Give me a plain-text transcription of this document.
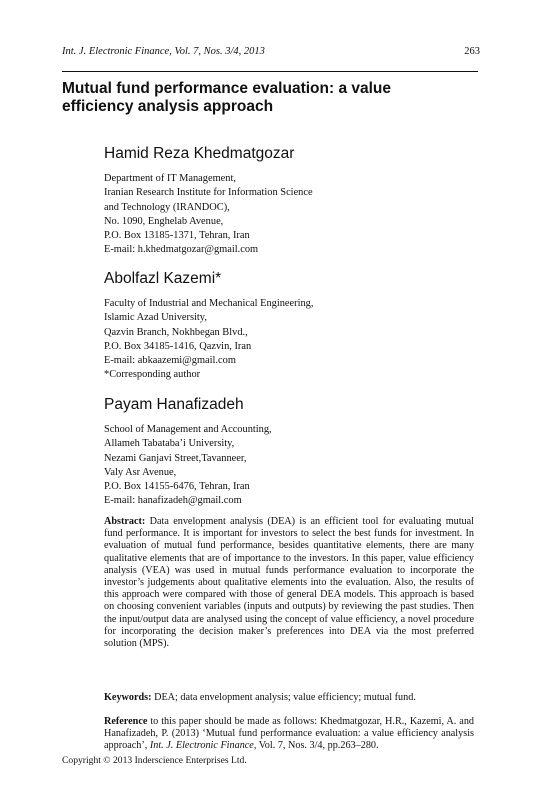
Int. J. Electronic Finance, Vol. 7, Nos. 3/4, 2013	263
Mutual fund performance evaluation: a value efficiency analysis approach
Hamid Reza Khedmatgozar
Department of IT Management,
Iranian Research Institute for Information Science
and Technology (IRANDOC),
No. 1090, Enghelab Avenue,
P.O. Box 13185-1371, Tehran, Iran
E-mail: h.khedmatgozar@gmail.com
Abolfazl Kazemi*
Faculty of Industrial and Mechanical Engineering,
Islamic Azad University,
Qazvin Branch, Nokhbegan Blvd.,
P.O. Box 34185-1416, Qazvin, Iran
E-mail: abkaazemi@gmail.com
*Corresponding author
Payam Hanafizadeh
School of Management and Accounting,
Allameh Tabataba’i University,
Nezami Ganjavi Street,Tavanneer,
Valy Asr Avenue,
P.O. Box 14155-6476, Tehran, Iran
E-mail: hanafizadeh@gmail.com
Abstract: Data envelopment analysis (DEA) is an efficient tool for evaluating mutual fund performance. It is important for investors to select the best funds for investment. In evaluation of mutual fund performance, besides quantitative elements, there are many qualitative elements that are of importance to the investors. In this paper, value efficiency analysis (VEA) was used in mutual funds performance evaluation to incorporate the investor’s judgements about qualitative elements into the evaluation. Also, the results of this approach were compared with those of general DEA models. This approach is based on choosing convenient variables (inputs and outputs) by reviewing the past studies. Then the input/output data are analysed using the concept of value efficiency, a novel procedure for incorporating the decision maker’s preferences into DEA via the most preferred solution (MPS).
Keywords: DEA; data envelopment analysis; value efficiency; mutual fund.
Reference to this paper should be made as follows: Khedmatgozar, H.R., Kazemi, A. and Hanafizadeh, P. (2013) ‘Mutual fund performance evaluation: a value efficiency analysis approach’, Int. J. Electronic Finance, Vol. 7, Nos. 3/4, pp.263–280.
Copyright © 2013 Inderscience Enterprises Ltd.
